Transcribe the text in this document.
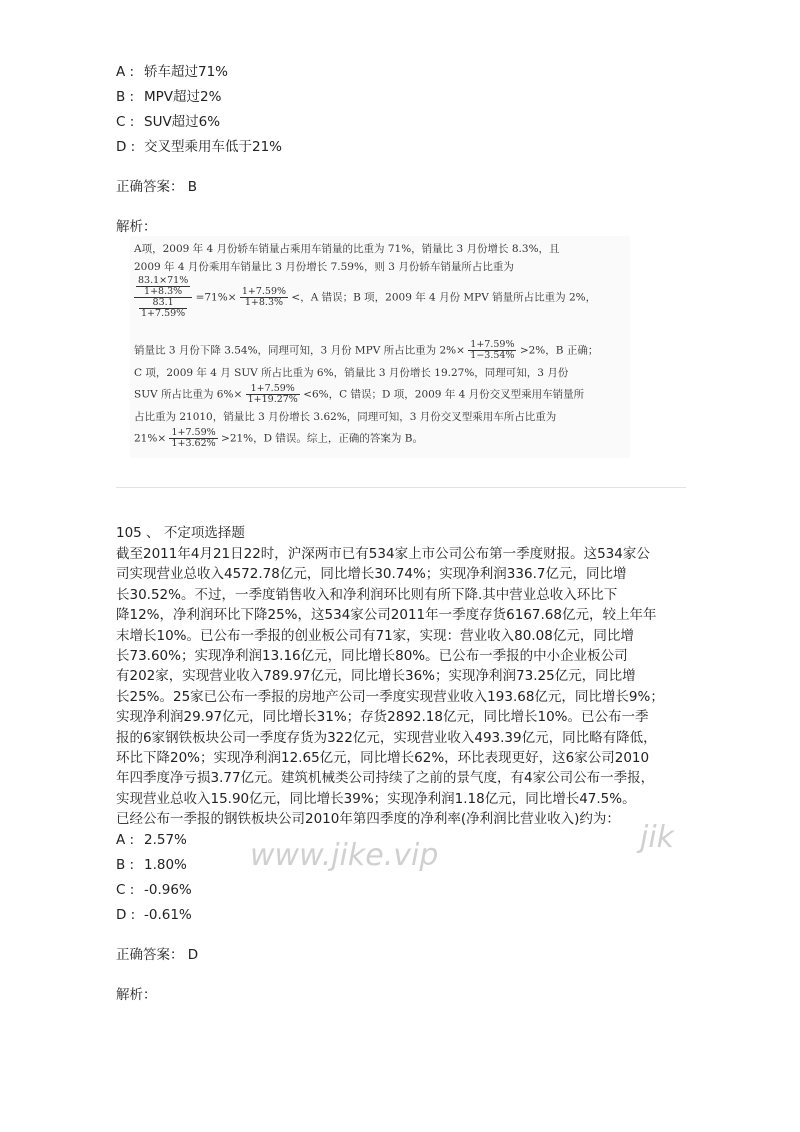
A : 轿车超过71%
B : MPV超过2%
C : SUV超过6%
D : 交叉型乘用车低于21%
正确答案： B
解析：
A项，2009 年 4 月份轿车销量占乘用车销量的比重为 71%，销量比 3 月份增长 8.3%，且
2009 年 4 月份乘用车销量比 3 月份增长 7.59%，则 3 月份轿车销量所占比重为
$\frac{\frac{83.1\times 71\%}{1+8.3\%}}{\frac{83.1}{1+7.59\%}} =71\%\times \frac{1+7.59\%}{1+8.3\%}$ <，A 错误；B 项，2009 年 4 月份 MPV 销量所占比重为 2%，
销量比 3 月份下降 3.54%，同理可知，3 月份 MPV 所占比重为 $2\%\times \frac{1+7.59\%}{1-3.54\%} >2\%$，B 正确；
C 项，2009 年 4 月 SUV 所占比重为 6%，销量比 3 月份增长 19.27%，同理可知，3 月份
SUV 所占比重为 $6\%\times \frac{1+7.59\%}{1+19.27\%} <6\%$，C 错误；D 项，2009 年 4 月份交叉型乘用车销量所
占比重为 21010，销量比 3 月份增长 3.62%，同理可知，3 月份交叉型乘用车所占比重为
$21\%\times \frac{1+7.59\%}{1+3.62\%} >21\%$，D 错误。综上，正确的答案为 B。
105 、 不定项选择题
截至2011年4月21日22时，沪深两市已有534家上市公司公布第一季度财报。这534家公
司实现营业总收入4572.78亿元，同比增长30.74%；实现净利润336.7亿元，同比增
长30.52%。不过，一季度销售收入和净利润环比则有所下降.其中营业总收入环比下
降12%，净利润环比下降25%，这534家公司2011年一季度存货6167.68亿元，较上年年
末增长10%。已公布一季报的创业板公司有71家，实现：营业收入80.08亿元，同比增
长73.60%；实现净利润13.16亿元，同比增长80%。已公布一季报的中小企业板公司
有202家，实现营业收入789.97亿元，同比增长36%；实现净利润73.25亿元，同比增
长25%。25家已公布一季报的房地产公司一季度实现营业收入193.68亿元，同比增长9%；
实现净利润29.97亿元，同比增长31%；存货2892.18亿元，同比增长10%。已公布一季
报的6家钢铁板块公司一季度存货为322亿元，实现营业收入493.39亿元，同比略有降低，
环比下降20%；实现净利润12.65亿元，同比增长62%，环比表现更好，这6家公司2010
年四季度净亏损3.77亿元。建筑机械类公司持续了之前的景气度，有4家公司公布一季报，
实现营业总收入15.90亿元，同比增长39%；实现净利润1.18亿元，同比增长47.5%。
已经公布一季报的钢铁板块公司2010年第四季度的净利率(净利润比营业收入)约为：
A : 2.57%
B : 1.80%
C : -0.96%
D : -0.61%
正确答案： D
解析：
www.jike.vip
jik
